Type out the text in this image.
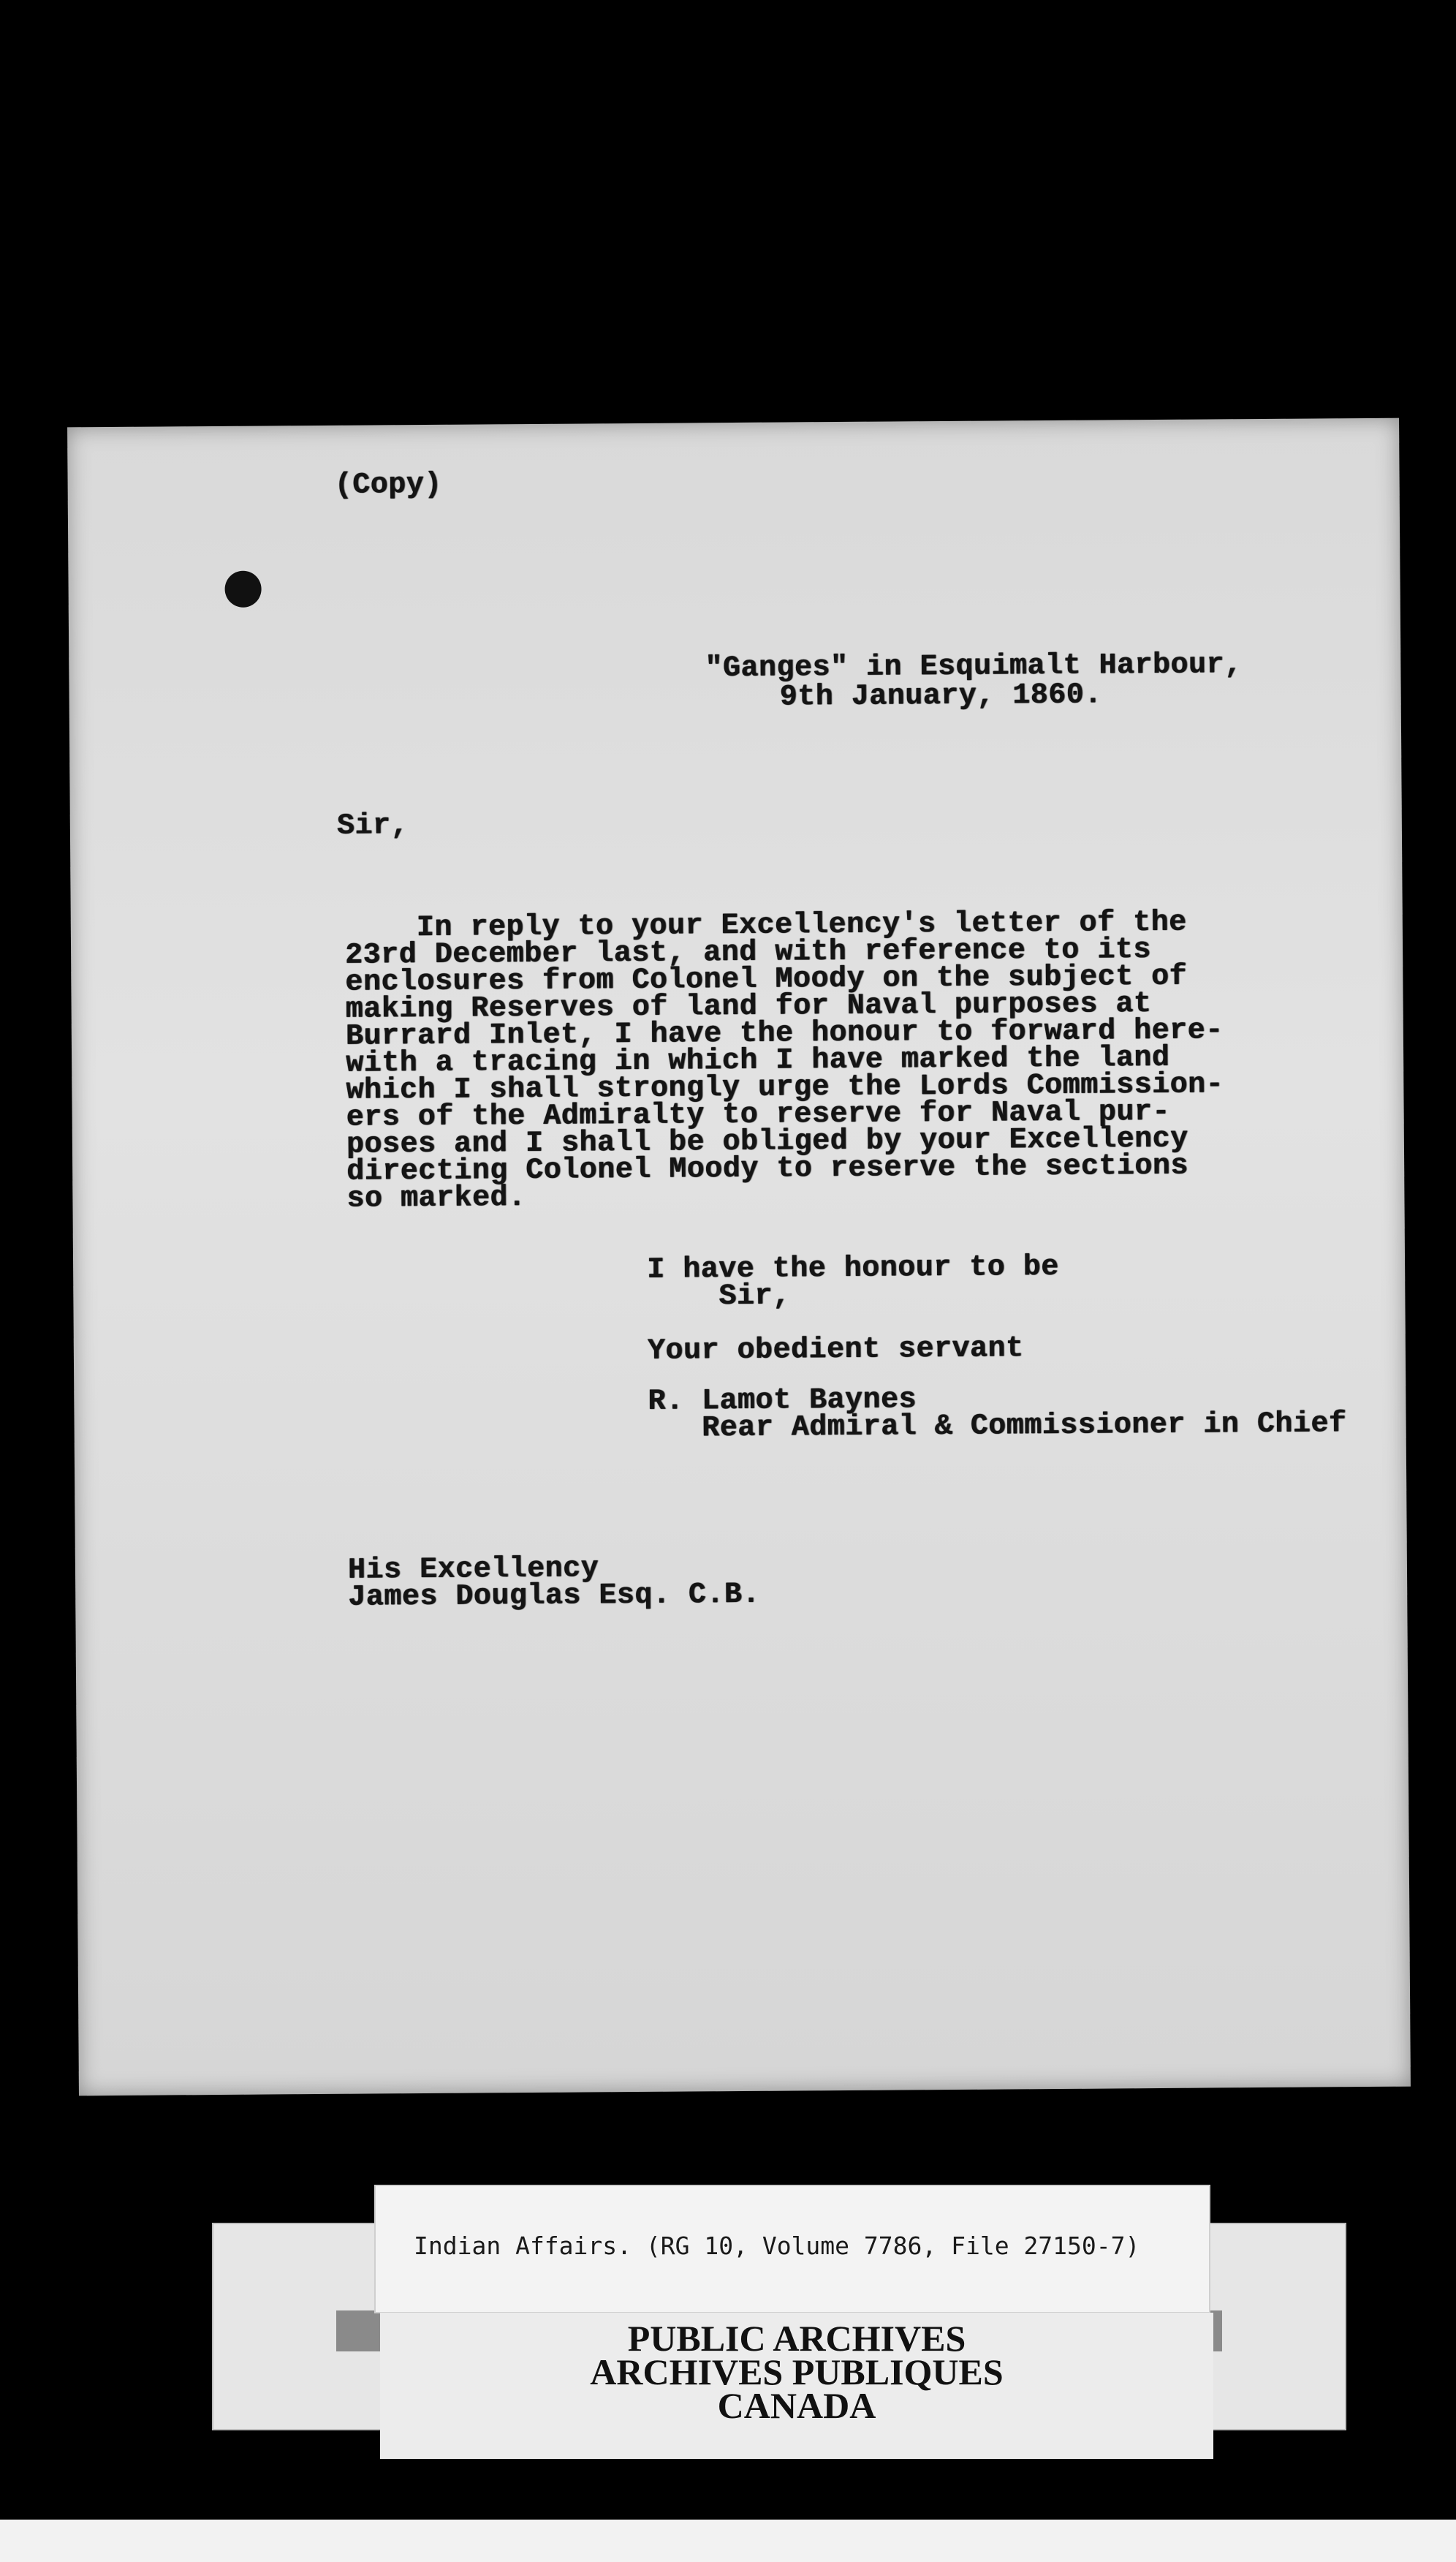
(Copy)
"Ganges" in Esquimalt Harbour,
9th January, 1860.
Sir,
In reply to your Excellency's letter of the
23rd December last, and with reference to its
enclosures from Colonel Moody on the subject of
making Reserves of land for Naval purposes at
Burrard Inlet, I have the honour to forward here-
with a tracing in which I have marked the land
which I shall strongly urge the Lords Commission-
ers of the Admiralty to reserve for Naval pur-
poses and I shall be obliged by your Excellency
directing Colonel Moody to reserve the sections
so marked.
I have the honour to be
Sir,

Your obedient servant
R. Lamot Baynes
Rear Admiral & Commissioner in Chief
His Excellency
James Douglas Esq. C.B.
Indian Affairs. (RG 10, Volume 7786, File 27150-7)
PUBLIC ARCHIVES
ARCHIVES PUBLIQUES
CANADA
